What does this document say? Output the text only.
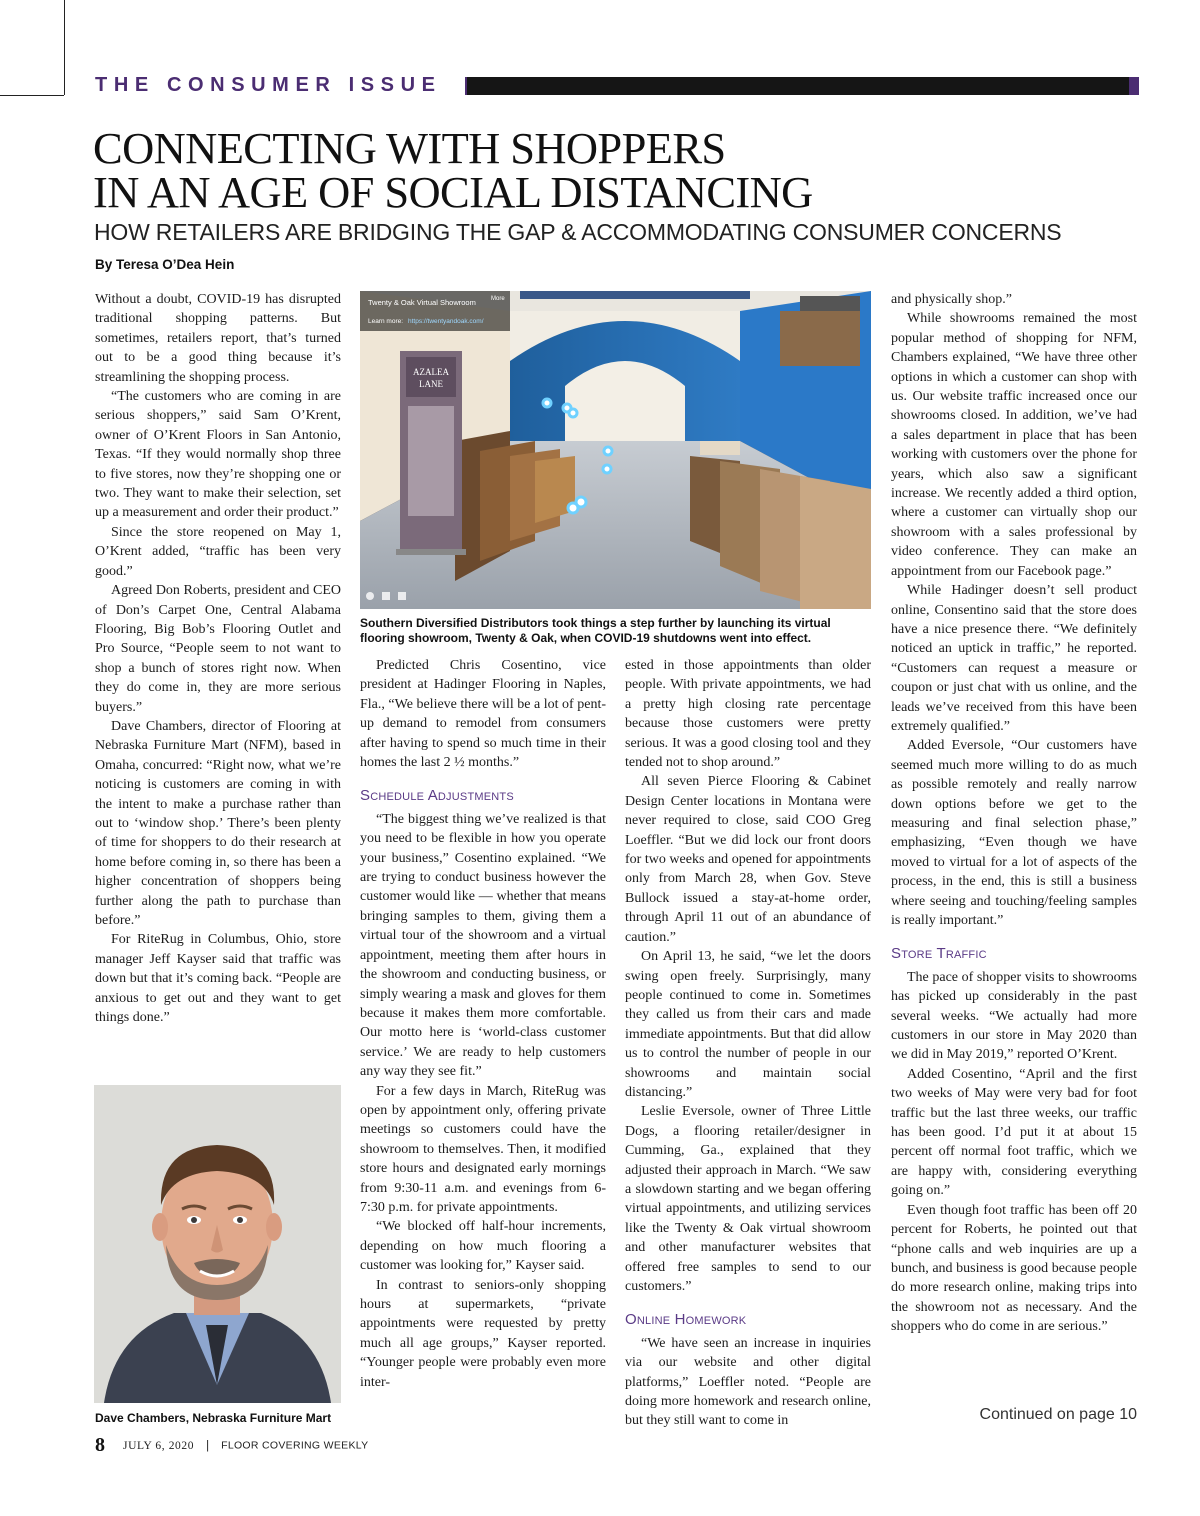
THE CONSUMER ISSUE
CONNECTING WITH SHOPPERS
IN AN AGE OF SOCIAL DISTANCING
HOW RETAILERS ARE BRIDGING THE GAP & ACCOMMODATING CONSUMER CONCERNS
By Teresa O’Dea Hein

Without a doubt, COVID-19 has disrupted traditional shopping patterns. But sometimes, retailers report, that’s turned out to be a good thing because it’s streamlining the shopping process.

“The customers who are coming in are serious shoppers,” said Sam O’Krent, owner of O’Krent Floors in San Antonio, Texas. “If they would normally shop three to five stores, now they’re shopping one or two. They want to make their selection, set up a measurement and order their product.”

Since the store reopened on May 1, O’Krent added, “traffic has been very good.”

Agreed Don Roberts, president and CEO of Don’s Carpet One, Central Alabama Flooring, Big Bob’s Flooring Outlet and Pro Source, “People seem to not want to shop a bunch of stores right now. When they do come in, they are more serious buyers.”

Dave Chambers, director of Flooring at Nebraska Furniture Mart (NFM), based in Omaha, concurred: “Right now, what we’re noticing is customers are coming in with the intent to make a purchase rather than out to ‘window shop.’ There’s been plenty of time for shoppers to do their research at home before coming in, so there has been a higher concentration of shoppers being further along the path to purchase than before.”

For RiteRug in Columbus, Ohio, store manager Jeff Kayser said that traffic was down but that it’s coming back. “People are anxious to get out and they want to get things done.”

AZALEA
LANE
Twenty & Oak Virtual Showroom	More
Learn more: https://twentyandoak.com/
Southern Diversified Distributors took things a step further by launching its virtual flooring showroom, Twenty & Oak, when COVID-19 shutdowns went into effect.
Dave Chambers, Nebraska Furniture Mart

Predicted Chris Cosentino, vice president at Hadinger Flooring in Naples, Fla., “We believe there will be a lot of pent-up demand to remodel from consumers after having to spend so much time in their homes the last 2 ½ months.”

Schedule Adjustments

“The biggest thing we’ve realized is that you need to be flexible in how you operate your business,” Cosentino explained. “We are trying to conduct business however the customer would like — whether that means bringing samples to them, giving them a virtual tour of the showroom and a virtual appointment, meeting them after hours in the showroom and conducting business, or simply wearing a mask and gloves for them because it makes them more comfortable. Our motto here is ‘world-class customer service.’ We are ready to help customers any way they see fit.”

For a few days in March, RiteRug was open by appointment only, offering private meetings so customers could have the showroom to themselves. Then, it modified store hours and designated early mornings from 9:30-11 a.m. and evenings from 6-7:30 p.m. for private appointments.

“We blocked off half-hour increments, depending on how much flooring a customer was looking for,” Kayser said.

In contrast to seniors-only shopping hours at supermarkets, “private appointments were requested by pretty much all age groups,” Kayser reported. “Younger people were probably even more inter-

ested in those appointments than older people. With private appointments, we had a pretty high closing rate percentage because those customers were pretty serious. It was a good closing tool and they tended not to shop around.”

All seven Pierce Flooring & Cabinet Design Center locations in Montana were never required to close, said COO Greg Loeffler. “But we did lock our front doors for two weeks and opened for appointments only from March 28, when Gov. Steve Bullock issued a stay-at-home order, through April 11 out of an abundance of caution.”

On April 13, he said, “we let the doors swing open freely. Surprisingly, many people continued to come in. Sometimes they called us from their cars and made immediate appointments. But that did allow us to control the number of people in our showrooms and maintain social distancing.”

Leslie Eversole, owner of Three Little Dogs, a flooring retailer/designer in Cumming, Ga., explained that they adjusted their approach in March. “We saw a slowdown starting and we began offering virtual appointments, and utilizing services like the Twenty & Oak virtual showroom and other manufacturer websites that offered free samples to send to our customers.”

Online Homework

“We have seen an increase in inquiries via our website and other digital platforms,” Loeffler noted. “People are doing more homework and research online, but they still want to come in

and physically shop.”

While showrooms remained the most popular method of shopping for NFM, Chambers explained, “We have three other options in which a customer can shop with us. Our website traffic increased once our showrooms closed. In addition, we’ve had a sales department in place that has been working with customers over the phone for years, which also saw a significant increase. We recently added a third option, where a customer can virtually shop our showroom with a sales professional by video conference. They can make an appointment from our Facebook page.”

While Hadinger doesn’t sell product online, Consentino said that the store does have a nice presence there. “We definitely noticed an uptick in traffic,” he reported. “Customers can request a measure or coupon or just chat with us online, and the leads we’ve received from this have been extremely qualified.”

Added Eversole, “Our customers have seemed much more willing to do as much as possible remotely and really narrow down options before we get to the measuring and final selection phase,” emphasizing, “Even though we have moved to virtual for a lot of aspects of the process, in the end, this is still a business where seeing and touching/feeling samples is really important.”

Store Traffic

The pace of shopper visits to showrooms has picked up considerably in the past several weeks. “We actually had more customers in our store in May 2020 than we did in May 2019,” reported O’Krent.

Added Cosentino, “April and the first two weeks of May were very bad for foot traffic but the last three weeks, our traffic has been good. I’d put it at about 15 percent off normal foot traffic, which we are happy with, considering everything going on.”

Even though foot traffic has been off 20 percent for Roberts, he pointed out that “phone calls and web inquiries are up a bunch, and business is good because people do more research online, making trips into the showroom not as necessary. And the shoppers who do come in are serious.”

Continued on page 10
8 JULY 6, 2020 | FLOOR COVERING WEEKLY
